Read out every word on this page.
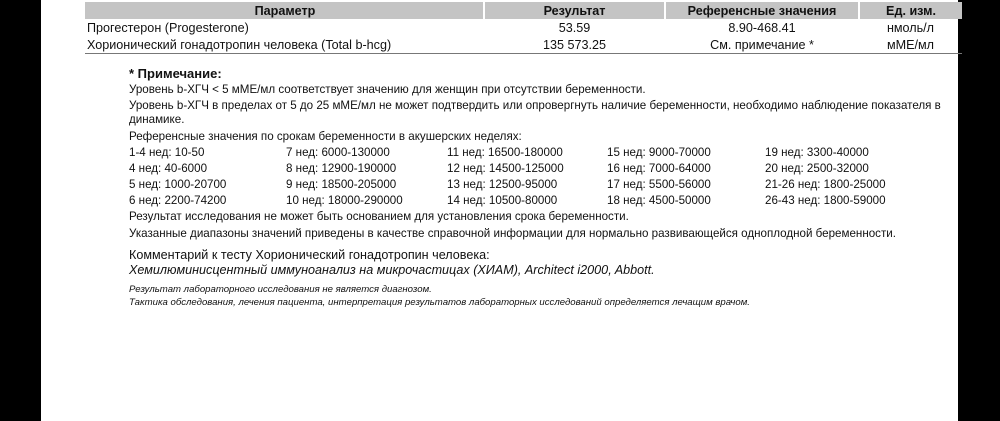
Параметр	Результат	Референсные значения	Ед. изм.
Прогестерон (Progesterone)	53.59	8.90-468.41	нмоль/л
Хорионический гонадотропин человека (Total b-hcg)	135 573.25	См. примечание *	мМЕ/мл
* Примечание:
Уровень b-ХГЧ < 5 мМЕ/мл соответствует значению для женщин при отсутствии беременности.
Уровень b-ХГЧ в пределах от 5 до 25 мМЕ/мл не может подтвердить или опровергнуть наличие беременности, необходимо наблюдение показателя в динамике.
Референсные значения по срокам беременности в акушерских неделях:
1-4 нед: 10-50	7 нед: 6000-130000	11 нед: 16500-180000	15 нед: 9000-70000	19 нед: 3300-40000
4 нед: 40-6000	8 нед: 12900-190000	12 нед: 14500-125000	16 нед: 7000-64000	20 нед: 2500-32000
5 нед: 1000-20700	9 нед: 18500-205000	13 нед: 12500-95000	17 нед: 5500-56000	21-26 нед: 1800-25000
6 нед: 2200-74200	10 нед: 18000-290000	14 нед: 10500-80000	18 нед: 4500-50000	26-43 нед: 1800-59000
Результат исследования не может быть основанием для установления срока беременности.
Указанные диапазоны значений приведены в качестве справочной информации для нормально развивающейся одноплодной беременности.
Комментарий к тесту Хорионический гонадотропин человека:
Хемилюминисцентный иммуноанализ на микрочастицах (ХИАМ), Architect i2000, Abbott.
Результат лабораторного исследования не является диагнозом.
Тактика обследования, лечения пациента, интерпретация результатов лабораторных исследований определяется лечащим врачом.
